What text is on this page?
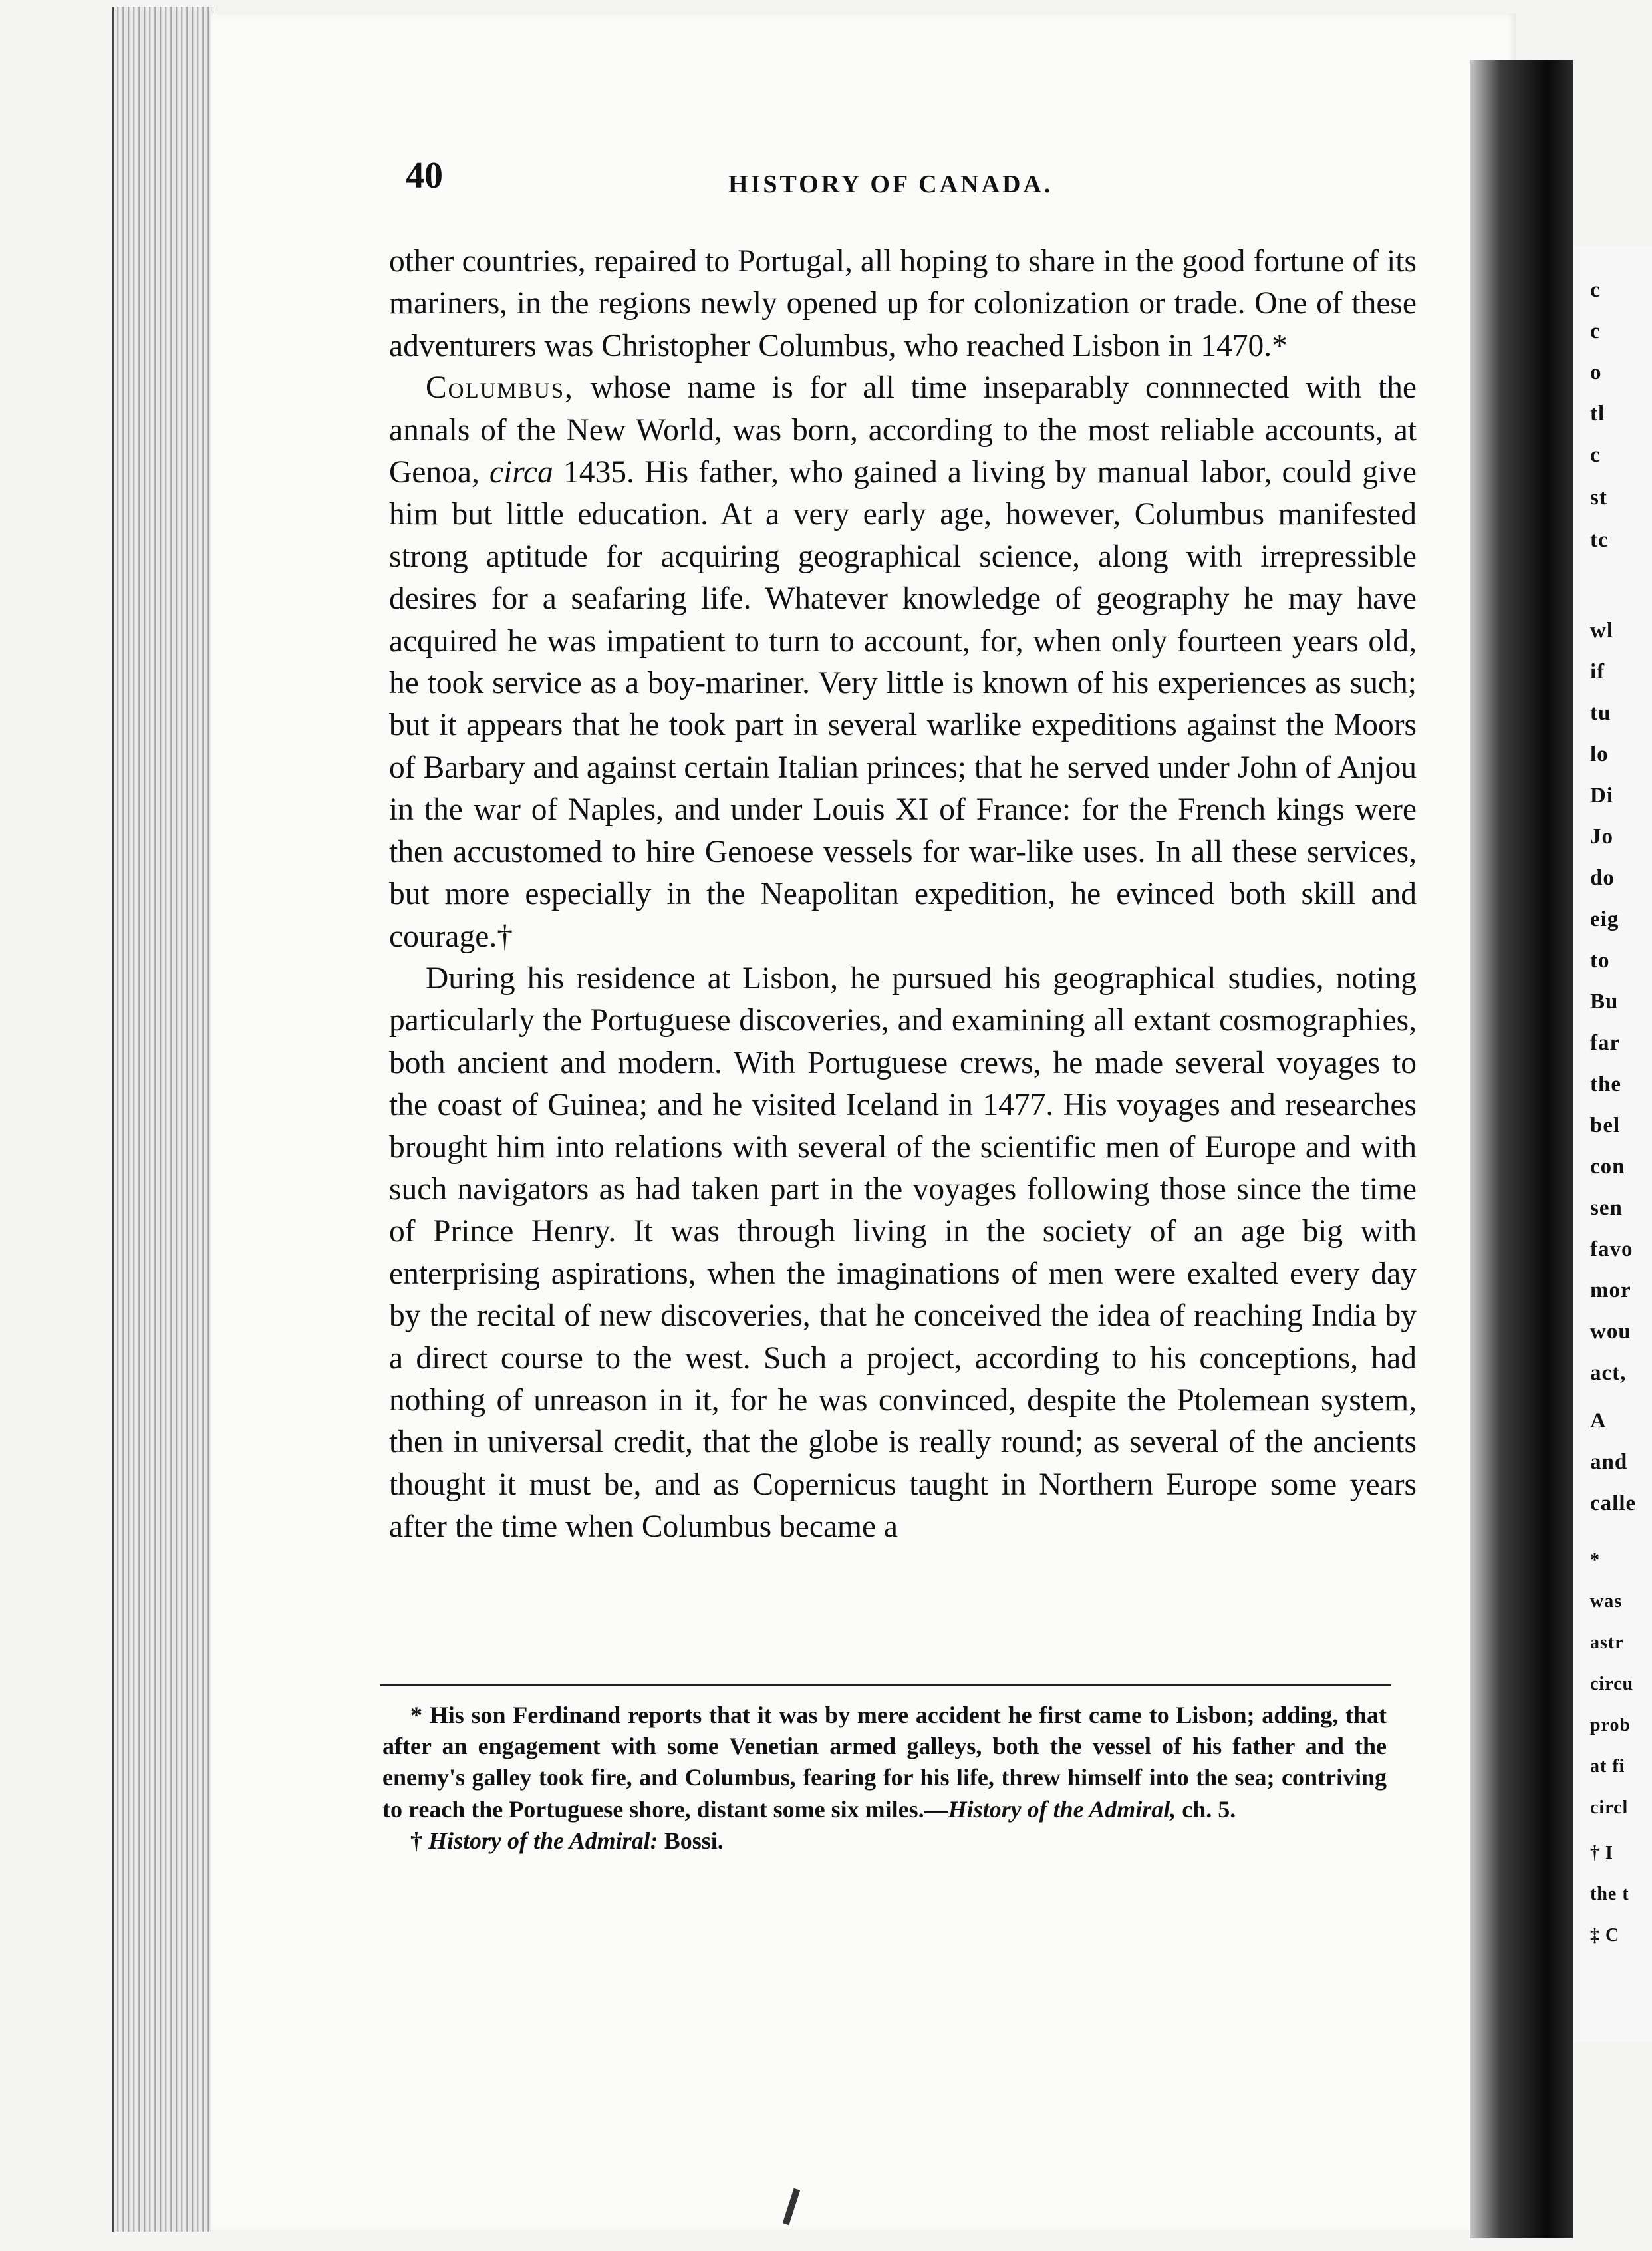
c
c
o
tl
c
st
tc
wl
if
tu
lo
Di
Jo
do
eig
to
Bu
far
the
bel
con
sen
favo
mor
wou
act,
A
and
calle
*
was
astr
circu
prob
at fi
circl
† I
the t
‡ C
40	HISTORY OF CANADA.

other countries, repaired to Portugal, all hoping to share in the good fortune of its mariners, in the regions newly opened up for colonization or trade. One of these adventurers was Christopher Columbus, who reached Lisbon in 1470.*

Columbus, whose name is for all time inseparably connnected with the annals of the New World, was born, according to the most reliable accounts, at Genoa, circa 1435. His father, who gained a living by manual labor, could give him but little education. At a very early age, however, Columbus manifested strong aptitude for acquiring geographical science, along with irrepressible desires for a seafaring life. Whatever knowledge of geography he may have acquired he was impatient to turn to account, for, when only fourteen years old, he took service as a boy-mariner. Very little is known of his experiences as such; but it appears that he took part in several warlike expeditions against the Moors of Barbary and against certain Italian princes; that he served under John of Anjou in the war of Naples, and under Louis XI of France: for the French kings were then accustomed to hire Genoese vessels for war-like uses. In all these services, but more especially in the Neapolitan expedition, he evinced both skill and courage.†

During his residence at Lisbon, he pursued his geographical studies, noting particularly the Portuguese discoveries, and examining all extant cosmographies, both ancient and modern. With Portuguese crews, he made several voyages to the coast of Guinea; and he visited Iceland in 1477. His voyages and researches brought him into relations with several of the scientific men of Europe and with such navigators as had taken part in the voyages following those since the time of Prince Henry. It was through living in the society of an age big with enterprising aspirations, when the imaginations of men were exalted every day by the recital of new discoveries, that he conceived the idea of reaching India by a direct course to the west. Such a project, according to his conceptions, had nothing of unreason in it, for he was convinced, despite the Ptolemean system, then in universal credit, that the globe is really round; as several of the ancients thought it must be, and as Copernicus taught in Northern Europe some years after the time when Columbus became a

* His son Ferdinand reports that it was by mere accident he first came to Lisbon; adding, that after an engagement with some Venetian armed galleys, both the vessel of his father and the enemy's galley took fire, and Columbus, fearing for his life, threw himself into the sea; contriving to reach the Portuguese shore, distant some six miles.—History of the Admiral, ch. 5.

† History of the Admiral: Bossi.
